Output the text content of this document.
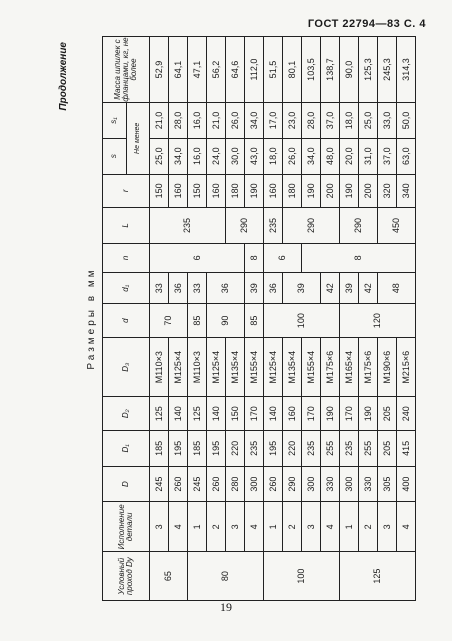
ГОСТ 22794—83 С. 4
Продолжение
Размеры в мм
Условный проход Dу	Исполнение детали	D	D₁	D₂	D₃	d	d₁	n	L	r	s	s₁	Масса шпилек с фланцами, кг, не более
											Не менее		
65	3	245	185	125	M110×3	70	33	6	235	150	25,0	21,0	52,9
	4	260	195	140	M125×4		36			160	34,0	28,0	64,1
80	1	245	185	125	M110×3	85	33			150	16,0	16,0	47,1
	2	260	195	140	M125×4	90	36			160	24,0	21,0	56,2
	3	280	220	150	M135×4				290	180	30,0	26,0	64,6
	4	300	235	170	M155×4	85	39	8		190	43,0	34,0	112,0
100	1	260	195	140	M125×4	100	36	6	235	160	18,0	17,0	51,5
	2	290	220	160	M135×4		39		290	180	26,0	23,0	80,1
	3	300	235	170	M155×4			8		190	34,0	28,0	103,5
	4	330	255	190	M175×6		42			200	48,0	37,0	138,7
125	1	300	235	170	M165×4	120	39		290	190	20,0	18,0	90,0
	2	330	255	190	M175×6		42			200	31,0	25,0	125,3
	3	305	205	205	M190×6		48		450	320	37,0	33,0	245,3
	4	400	415	240	M215×6					340	63,0	50,0	314,3
19
